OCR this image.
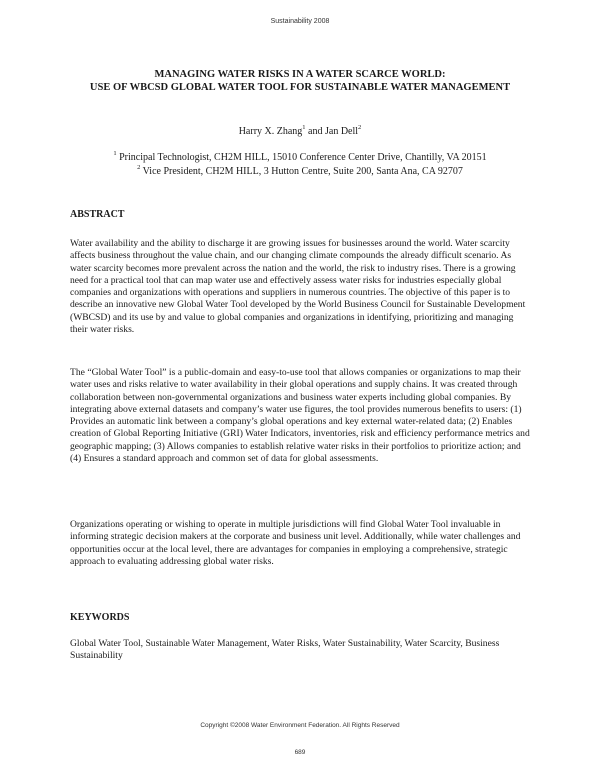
Sustainability 2008
MANAGING WATER RISKS IN A WATER SCARCE WORLD:
USE OF WBCSD GLOBAL WATER TOOL FOR SUSTAINABLE WATER MANAGEMENT
Harry X. Zhang$^1$ and Jan Dell$^2$
$^1$ Principal Technologist, CH2M HILL, 15010 Conference Center Drive, Chantilly, VA 20151
$^2$ Vice President, CH2M HILL, 3 Hutton Centre, Suite 200, Santa Ana, CA 92707
ABSTRACT

Water availability and the ability to discharge it are growing issues for businesses around the world. Water scarcity affects business throughout the value chain, and our changing climate compounds the already difficult scenario. As water scarcity becomes more prevalent across the nation and the world, the risk to industry rises. There is a growing need for a practical tool that can map water use and effectively assess water risks for industries especially global companies and organizations with operations and suppliers in numerous countries. The objective of this paper is to describe an innovative new Global Water Tool developed by the World Business Council for Sustainable Development (WBCSD) and its use by and value to global companies and organizations in identifying, prioritizing and managing their water risks.

The “Global Water Tool” is a public-domain and easy-to-use tool that allows companies or organizations to map their water uses and risks relative to water availability in their global operations and supply chains. It was created through collaboration between non-governmental organizations and business water experts including global companies. By integrating above external datasets and company’s water use figures, the tool provides numerous benefits to users: (1) Provides an automatic link between a company’s global operations and key external water-related data; (2) Enables creation of Global Reporting Initiative (GRI) Water Indicators, inventories, risk and efficiency performance metrics and geographic mapping; (3) Allows companies to establish relative water risks in their portfolios to prioritize action; and (4) Ensures a standard approach and common set of data for global assessments.

Organizations operating or wishing to operate in multiple jurisdictions will find Global Water Tool invaluable in informing strategic decision makers at the corporate and business unit level. Additionally, while water challenges and opportunities occur at the local level, there are advantages for companies in employing a comprehensive, strategic approach to evaluating addressing global water risks.

KEYWORDS

Global Water Tool, Sustainable Water Management, Water Risks, Water Sustainability, Water Scarcity, Business Sustainability

Copyright ©2008 Water Environment Federation. All Rights Reserved
689
